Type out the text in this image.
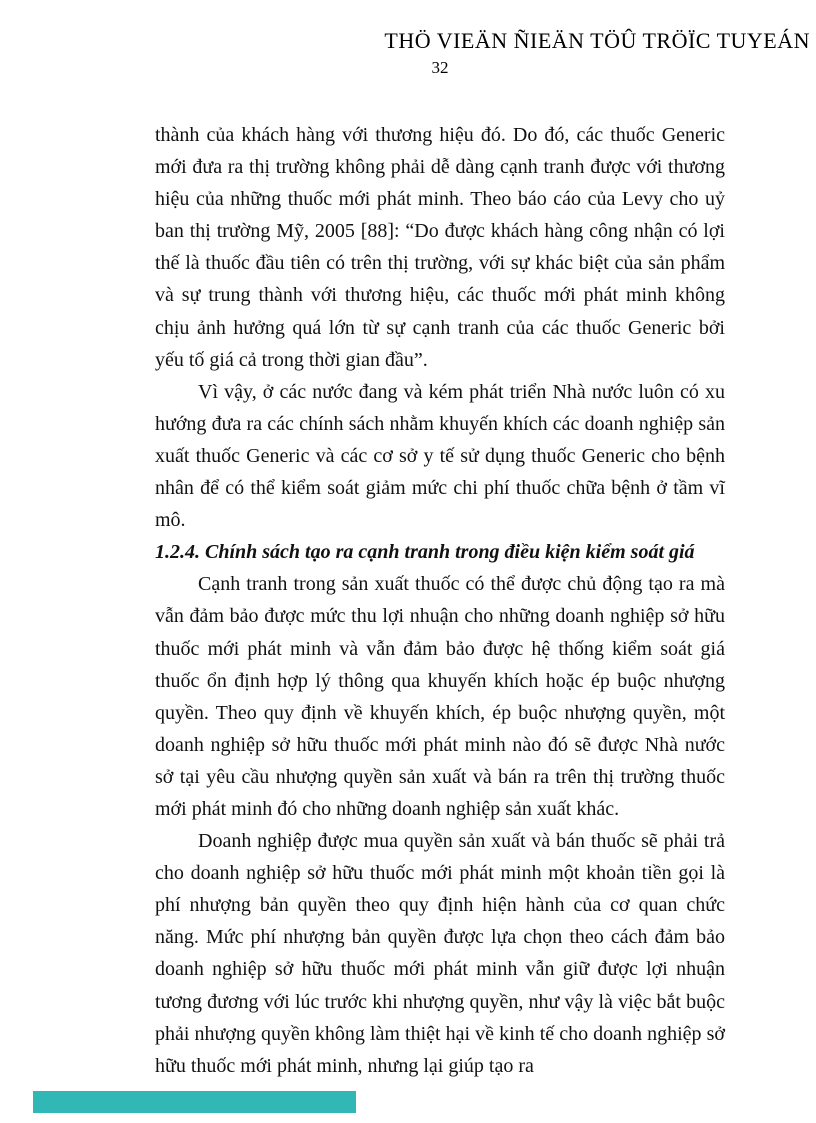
THÖ VIEÄN ÑIEÄN TÖÛ TRÖÏC TUYEÁN
32

thành của khách hàng với thương hiệu đó. Do đó, các thuốc Generic mới đưa ra thị trường không phải dễ dàng cạnh tranh được với thương hiệu của những thuốc mới phát minh. Theo báo cáo của Levy cho uỷ ban thị trường Mỹ, 2005 [88]: “Do được khách hàng công nhận có lợi thế là thuốc đầu tiên có trên thị trường, với sự khác biệt của sản phẩm và sự trung thành với thương hiệu, các thuốc mới phát minh không chịu ảnh hưởng quá lớn từ sự cạnh tranh của các thuốc Generic bởi yếu tố giá cả trong thời gian đầu”.

Vì vậy, ở các nước đang và kém phát triển Nhà nước luôn có xu hướng đưa ra các chính sách nhằm khuyến khích các doanh nghiệp sản xuất thuốc Generic và các cơ sở y tế sử dụng thuốc Generic cho bệnh nhân để có thể kiểm soát giảm mức chi phí thuốc chữa bệnh ở tầm vĩ mô.

1.2.4. Chính sách tạo ra cạnh tranh trong điều kiện kiểm soát giá

Cạnh tranh trong sản xuất thuốc có thể được chủ động tạo ra mà vẫn đảm bảo được mức thu lợi nhuận cho những doanh nghiệp sở hữu thuốc mới phát minh và vẫn đảm bảo được hệ thống kiểm soát giá thuốc ổn định hợp lý thông qua khuyến khích hoặc ép buộc nhượng quyền. Theo quy định về khuyến khích, ép buộc nhượng quyền, một doanh nghiệp sở hữu thuốc mới phát minh nào đó sẽ được Nhà nước sở tại yêu cầu nhượng quyền sản xuất và bán ra trên thị trường thuốc mới phát minh đó cho những doanh nghiệp sản xuất khác.

Doanh nghiệp được mua quyền sản xuất và bán thuốc sẽ phải trả cho doanh nghiệp sở hữu thuốc mới phát minh một khoản tiền gọi là phí nhượng bản quyền theo quy định hiện hành của cơ quan chức năng. Mức phí nhượng bản quyền được lựa chọn theo cách đảm bảo doanh nghiệp sở hữu thuốc mới phát minh vẫn giữ được lợi nhuận tương đương với lúc trước khi nhượng quyền, như vậy là việc bắt buộc phải nhượng quyền không làm thiệt hại về kinh tế cho doanh nghiệp sở hữu thuốc mới phát minh, nhưng lại giúp tạo ra
